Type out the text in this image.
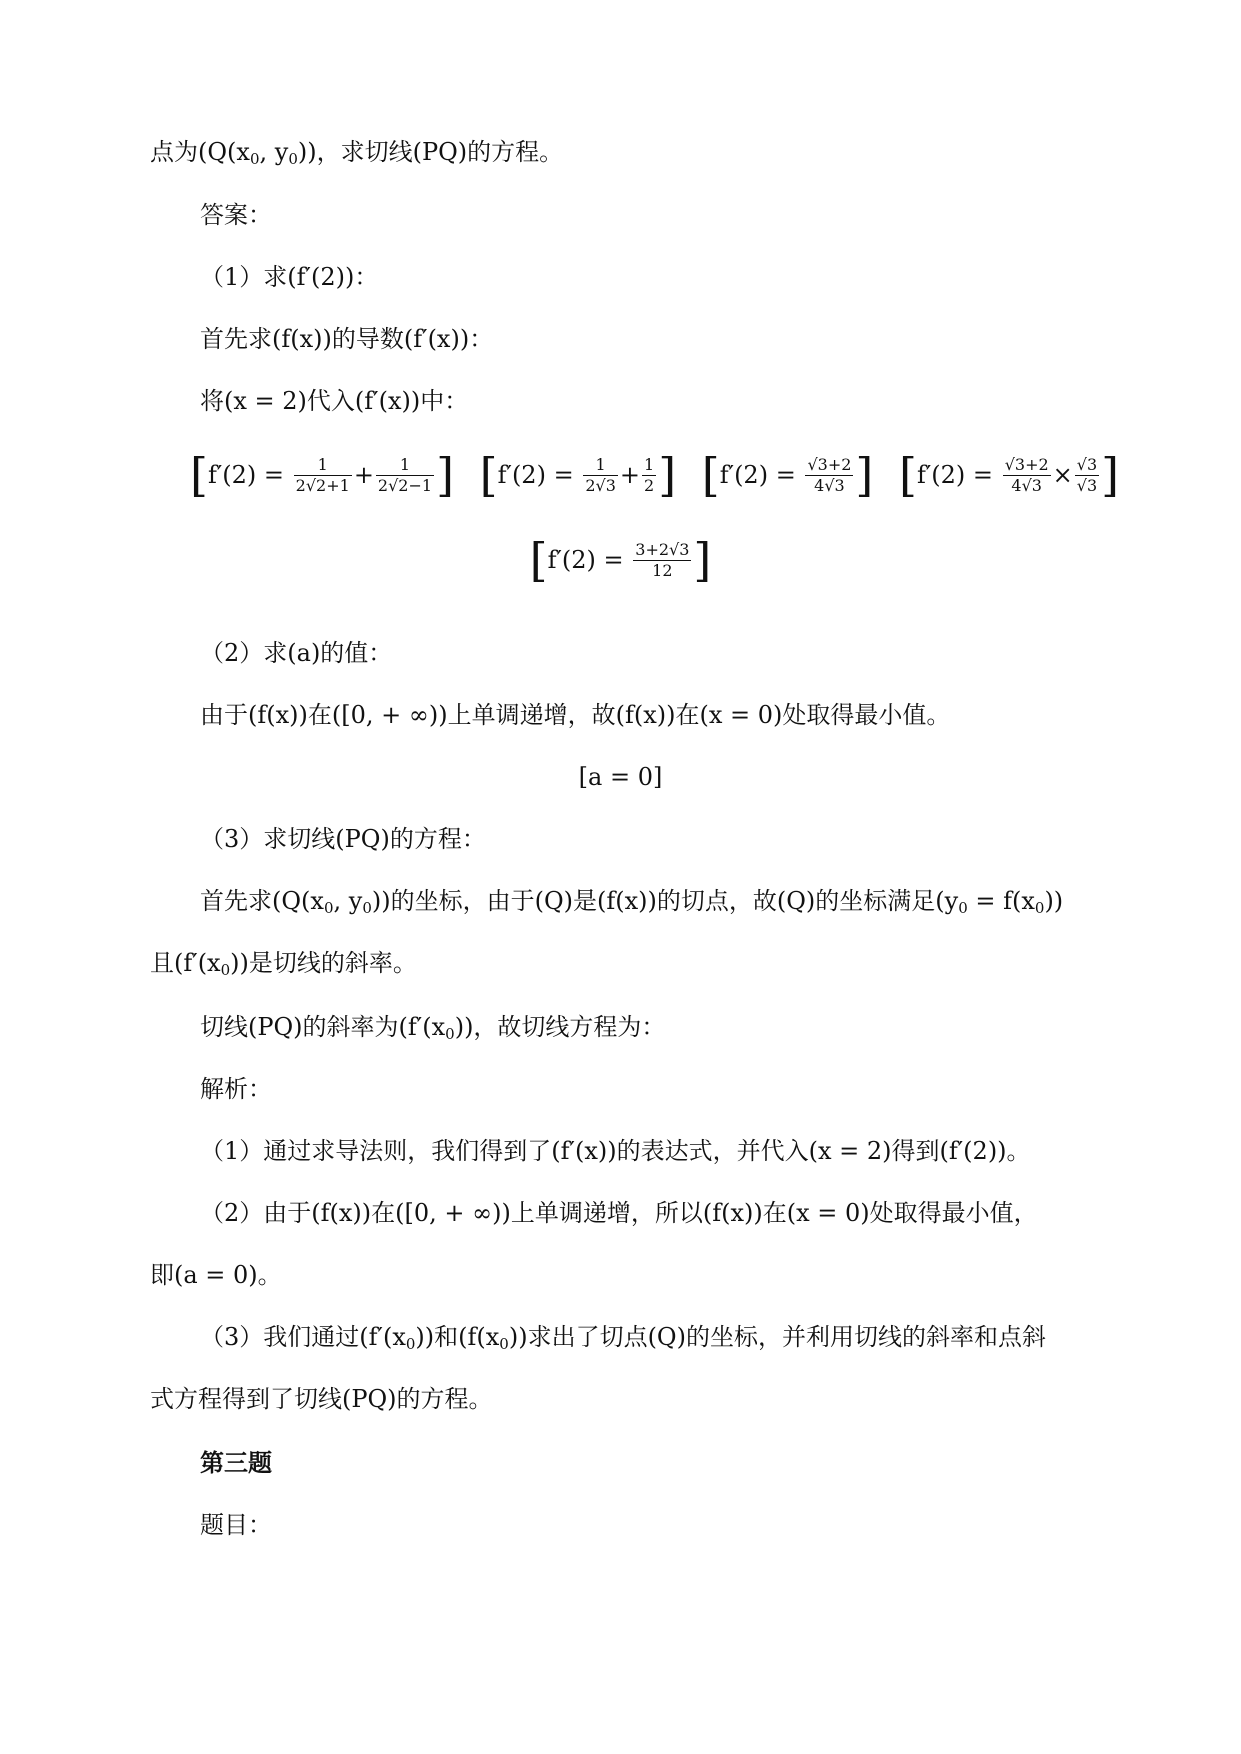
点为($Q(x_0$, $y_0$))，求切线(PQ)的方程。
答案：
（1）求(f′(2))：
首先求(f(x))的导数(f′(x))：
将(x = 2)代入(f′(x))中：
[$f'(2) = \frac{1}{2√2+1} + \frac{1}{2√2-1}$ ] [$f'(2) = \frac{1}{2√3} + \frac{1}{2}$ ] [$f'(2) = \frac{√3+2}{4√3}$ ] [$f'(2) = \frac{√3+2}{4√3} \times \frac{√3}{√3}$ ]
[$f'(2) = \frac{3+2√3}{12}$ ]
（2）求(a)的值：
由于(f(x))在([0, + ∞))上单调递增，故(f(x))在(x = 0)处取得最小值。
[a = 0]
（3）求切线(PQ)的方程：
首先求($Q(x_0$, $y_0$))的坐标，由于(Q)是(f(x))的切点，故(Q)的坐标满足$(y_0 = f(x_0))$
且$(f'(x_0))$是切线的斜率。
切线(PQ)的斜率为$(f'(x_0))$，故切线方程为：
解析：
（1）通过求导法则，我们得到了(f′(x))的表达式，并代入(x = 2)得到(f′(2))。
（2）由于(f(x))在([0, + ∞))上单调递增，所以(f(x))在(x = 0)处取得最小值，
即(a = 0)。
（3）我们通过$(f'(x_0))$和$(f(x_0))$求出了切点(Q)的坐标，并利用切线的斜率和点斜
式方程得到了切线(PQ)的方程。
第三题
题目：
